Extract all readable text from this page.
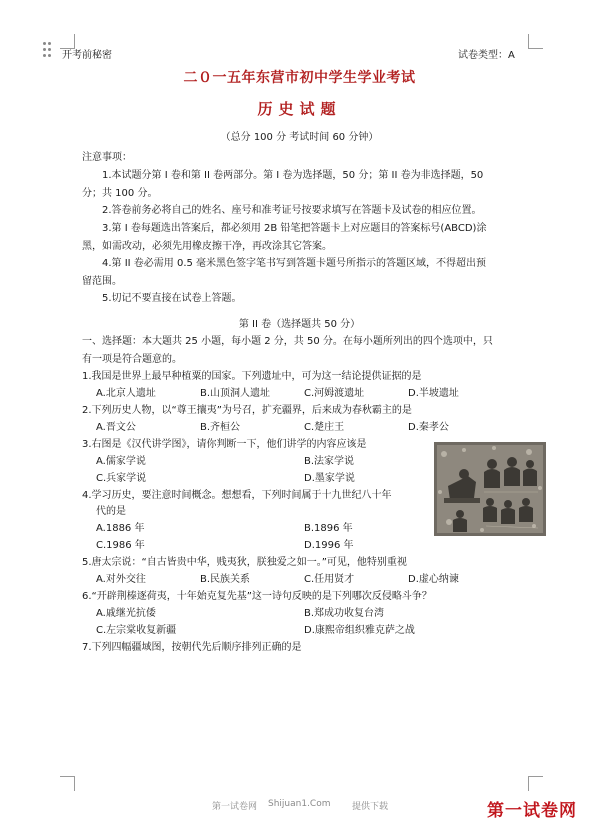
开考前秘密	试卷类型：A
二０一五年东营市初中学生学业考试
历史试题
（总分 100 分 考试时间 60 分钟）
注意事项：
1.本试题分第 I 卷和第 II 卷两部分。第 I 卷为选择题，50 分；第 II 卷为非选择题，50
分；共 100 分。
2.答卷前务必将自己的姓名、座号和准考证号按要求填写在答题卡及试卷的相应位置。
3.第 I 卷每题选出答案后，都必须用 2B 铅笔把答题卡上对应题目的答案标号(ABCD)涂
黑，如需改动，必须先用橡皮擦干净，再改涂其它答案。
4.第 II 卷必需用 0.5 毫米黑色签字笔书写到答题卡题号所指示的答题区域，不得超出预
留范围。
5.切记不要直接在试卷上答题。
第 II 卷（选择题共 50 分）
一、选择题：本大题共 25 小题，每小题 2 分，共 50 分。在每小题所列出的四个选项中，只
有一项是符合题意的。
1.我国是世界上最早种植粟的国家。下列遗址中，可为这一结论提供证据的是
A.北京人遗址	B.山顶洞人遗址	C.河姆渡遗址	D.半坡遗址
2.下列历史人物，以“尊王攘夷”为号召，扩充疆界，后来成为春秋霸主的是
A.晋文公	B.齐桓公	C.楚庄王	D.秦孝公
3.右图是《汉代讲学图》，请你判断一下，他们讲学的内容应该是
A.儒家学说	B.法家学说
C.兵家学说	D.墨家学说
4.学习历史，要注意时间概念。想想看，下列时间属于十九世纪八十年
代的是
A.1886 年	B.1896 年
C.1986 年	D.1996 年
5.唐太宗说：“自古皆贵中华，贱夷狄，朕独爱之如一。”可见，他特别重视
A.对外交往	B.民族关系	C.任用贤才	D.虚心纳谏
6.“开辟荆榛逐荷夷，十年始克复先基”这一诗句反映的是下列哪次反侵略斗争？
A.戚继光抗倭	B.郑成功收复台湾
C.左宗棠收复新疆	D.康熙帝组织雅克萨之战
7.下列四幅疆域图，按朝代先后顺序排列正确的是
第一试卷网 Shijuan1.Com 提供下载	第一试卷网
